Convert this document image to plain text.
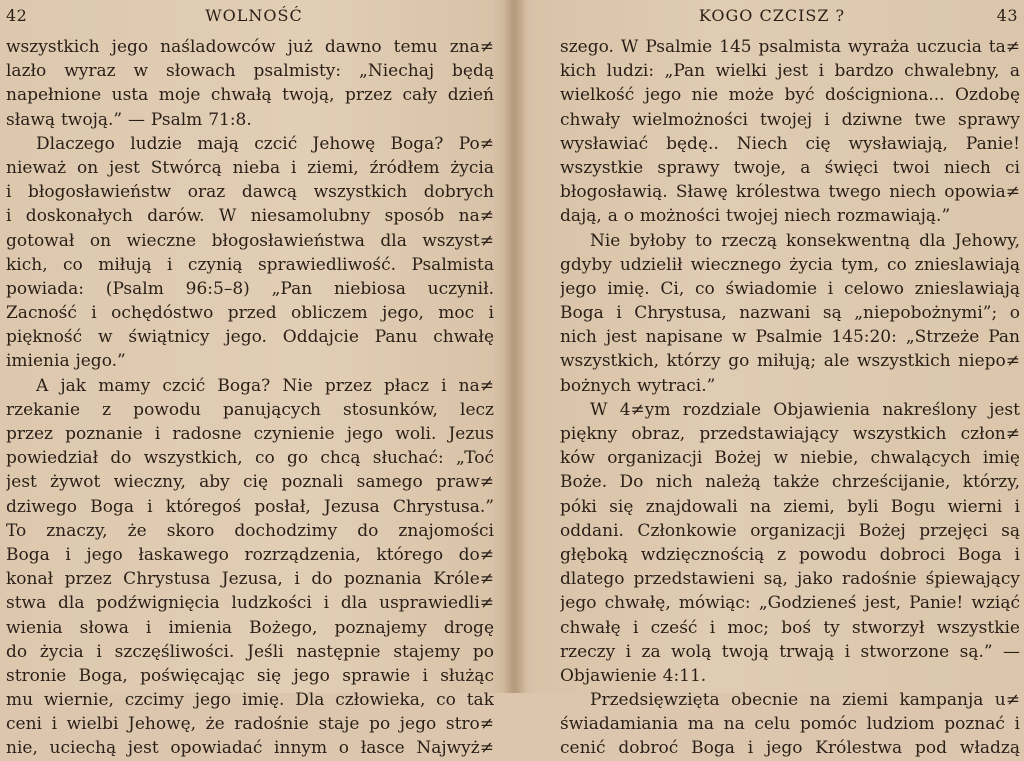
42	WOLNOŚĆ
wszystkich jego naśladowców już dawno temu zna≠
lazło wyraz w słowach psalmisty: „Niechaj będą
napełnione usta moje chwałą twoją, przez cały dzień
sławą twoją.” — Psalm 71:8.
Dlaczego ludzie mają czcić Jehowę Boga? Po≠
nieważ on jest Stwórcą nieba i ziemi, źródłem życia
i błogosławieństw oraz dawcą wszystkich dobrych
i doskonałych darów. W niesamolubny sposób na≠
gotował on wieczne błogosławieństwa dla wszyst≠
kich, co miłują i czynią sprawiedliwość. Psalmista
powiada: (Psalm 96:5–8) „Pan niebiosa uczynił.
Zacność i ochędóstwo przed obliczem jego, moc i
piękność w świątnicy jego. Oddajcie Panu chwałę
imienia jego.”
A jak mamy czcić Boga? Nie przez płacz i na≠
rzekanie z powodu panujących stosunków, lecz
przez poznanie i radosne czynienie jego woli. Jezus
powiedział do wszystkich, co go chcą słuchać: „Toć
jest żywot wieczny, aby cię poznali samego praw≠
dziwego Boga i któregoś posłał, Jezusa Chrystusa.”
To znaczy, że skoro dochodzimy do znajomości
Boga i jego łaskawego rozrządzenia, którego do≠
konał przez Chrystusa Jezusa, i do poznania Króle≠
stwa dla podźwignięcia ludzkości i dla usprawiedli≠
wienia słowa i imienia Bożego, poznajemy drogę
do życia i szczęśliwości. Jeśli następnie stajemy po
stronie Boga, poświęcając się jego sprawie i służąc
mu wiernie, czcimy jego imię. Dla człowieka, co tak
ceni i wielbi Jehowę, że radośnie staje po jego stro≠
nie, uciechą jest opowiadać innym o łasce Najwyż≠
KOGO CZCISZ ?	43
szego. W Psalmie 145 psalmista wyraża uczucia ta≠
kich ludzi: „Pan wielki jest i bardzo chwalebny, a
wielkość jego nie może być dościgniona... Ozdobę
chwały wielmożności twojej i dziwne twe sprawy
wysławiać będę.. Niech cię wysławiają, Panie!
wszystkie sprawy twoje, a święci twoi niech ci
błogosławią. Sławę królestwa twego niech opowia≠
dają, a o możności twojej niech rozmawiają.”
Nie byłoby to rzeczą konsekwentną dla Jehowy,
gdyby udzielił wiecznego życia tym, co znieslawiają
jego imię. Ci, co świadomie i celowo znieslawiają
Boga i Chrystusa, nazwani są „niepobożnymi”; o
nich jest napisane w Psalmie 145:20: „Strzeże Pan
wszystkich, którzy go miłują; ale wszystkich niepo≠
bożnych wytraci.”
W 4≠ym rozdziale Objawienia nakreślony jest
piękny obraz, przedstawiający wszystkich człon≠
ków organizacji Bożej w niebie, chwalących imię
Boże. Do nich należą także chrześcijanie, którzy,
póki się znajdowali na ziemi, byli Bogu wierni i
oddani. Członkowie organizacji Bożej przejęci są
głęboką wdzięcznością z powodu dobroci Boga i
dlatego przedstawieni są, jako radośnie śpiewający
jego chwałę, mówiąc: „Godzieneś jest, Panie! wziąć
chwałę i cześć i moc; boś ty stworzył wszystkie
rzeczy i za wolą twoją trwają i stworzone są.” —
Objawienie 4:11.
Przedsięwzięta obecnie na ziemi kampanja u≠
świadamiania ma na celu pomóc ludziom poznać i
cenić dobroć Boga i jego Królestwa pod władzą
